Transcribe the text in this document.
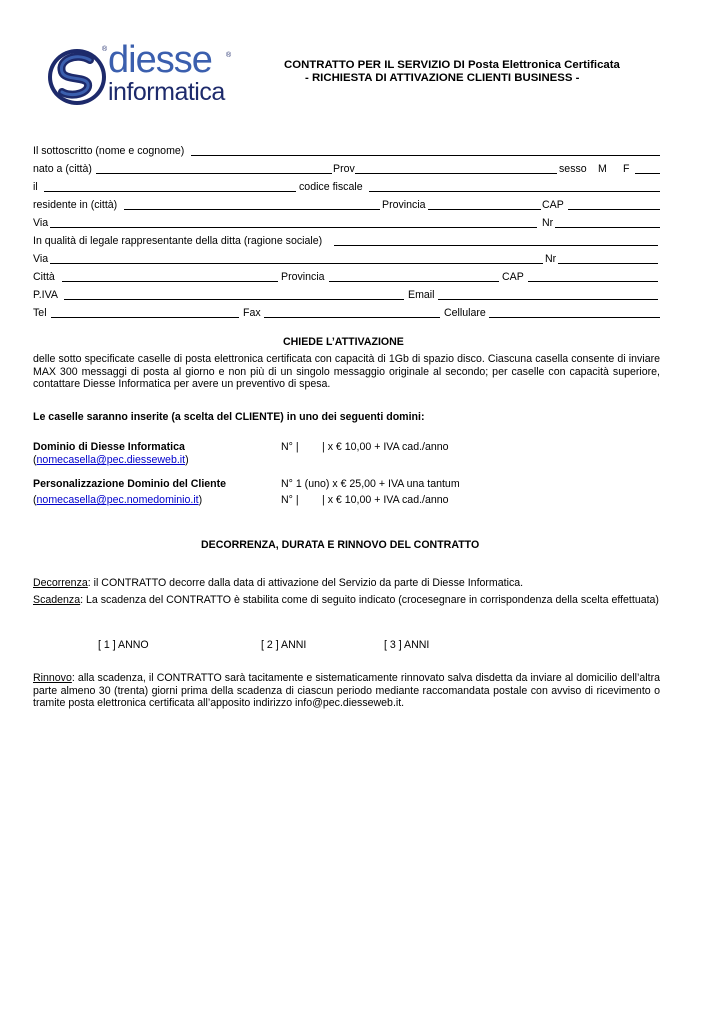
diesse
®
®
informatica
CONTRATTO PER IL SERVIZIO DI Posta Elettronica Certificata
- RICHIESTA DI ATTIVAZIONE CLIENTI BUSINESS -
Il sottoscritto (nome e cognome)
nato a (città)	Prov	sesso M F
il	codice fiscale
residente in (città)	Provincia	CAP
Via	Nr
In qualità di legale rappresentante della ditta (ragione sociale)
Via	Nr
Città	Provincia	CAP
P.IVA	Email
Tel	Fax	Cellulare
CHIEDE L’ATTIVAZIONE
delle sotto specificate caselle di posta elettronica certificata con capacità di 1Gb di spazio disco. Ciascuna casella consente di inviare MAX 300 messaggi di posta al giorno e non più di un singolo messaggio originale al secondo; per caselle con capacità superiore, contattare Diesse Informatica per avere un preventivo di spesa.
Le caselle saranno inserite (a scelta del CLIENTE) in uno dei seguenti domini:
Dominio di Diesse Informatica	N° | | x € 10,00 + IVA cad./anno
(nomecasella@pec.diesseweb.it)
Personalizzazione Dominio del Cliente	N° 1 (uno) x € 25,00 + IVA una tantum
(nomecasella@pec.nomedominio.it)	N° | | x € 10,00 + IVA cad./anno
DECORRENZA, DURATA E RINNOVO DEL CONTRATTO
Decorrenza: il CONTRATTO decorre dalla data di attivazione del Servizio da parte di Diesse Informatica.
Scadenza: La scadenza del CONTRATTO è stabilita come di seguito indicato (crocesegnare in corrispondenza della scelta effettuata)
[ 1 ] ANNO	[ 2 ] ANNI	[ 3 ] ANNI
Rinnovo: alla scadenza, il CONTRATTO sarà tacitamente e sistematicamente rinnovato salva disdetta da inviare al domicilio dell’altra parte almeno 30 (trenta) giorni prima della scadenza di ciascun periodo mediante raccomandata postale con avviso di ricevimento o tramite posta elettronica certificata all’apposito indirizzo info@pec.diesseweb.it.
